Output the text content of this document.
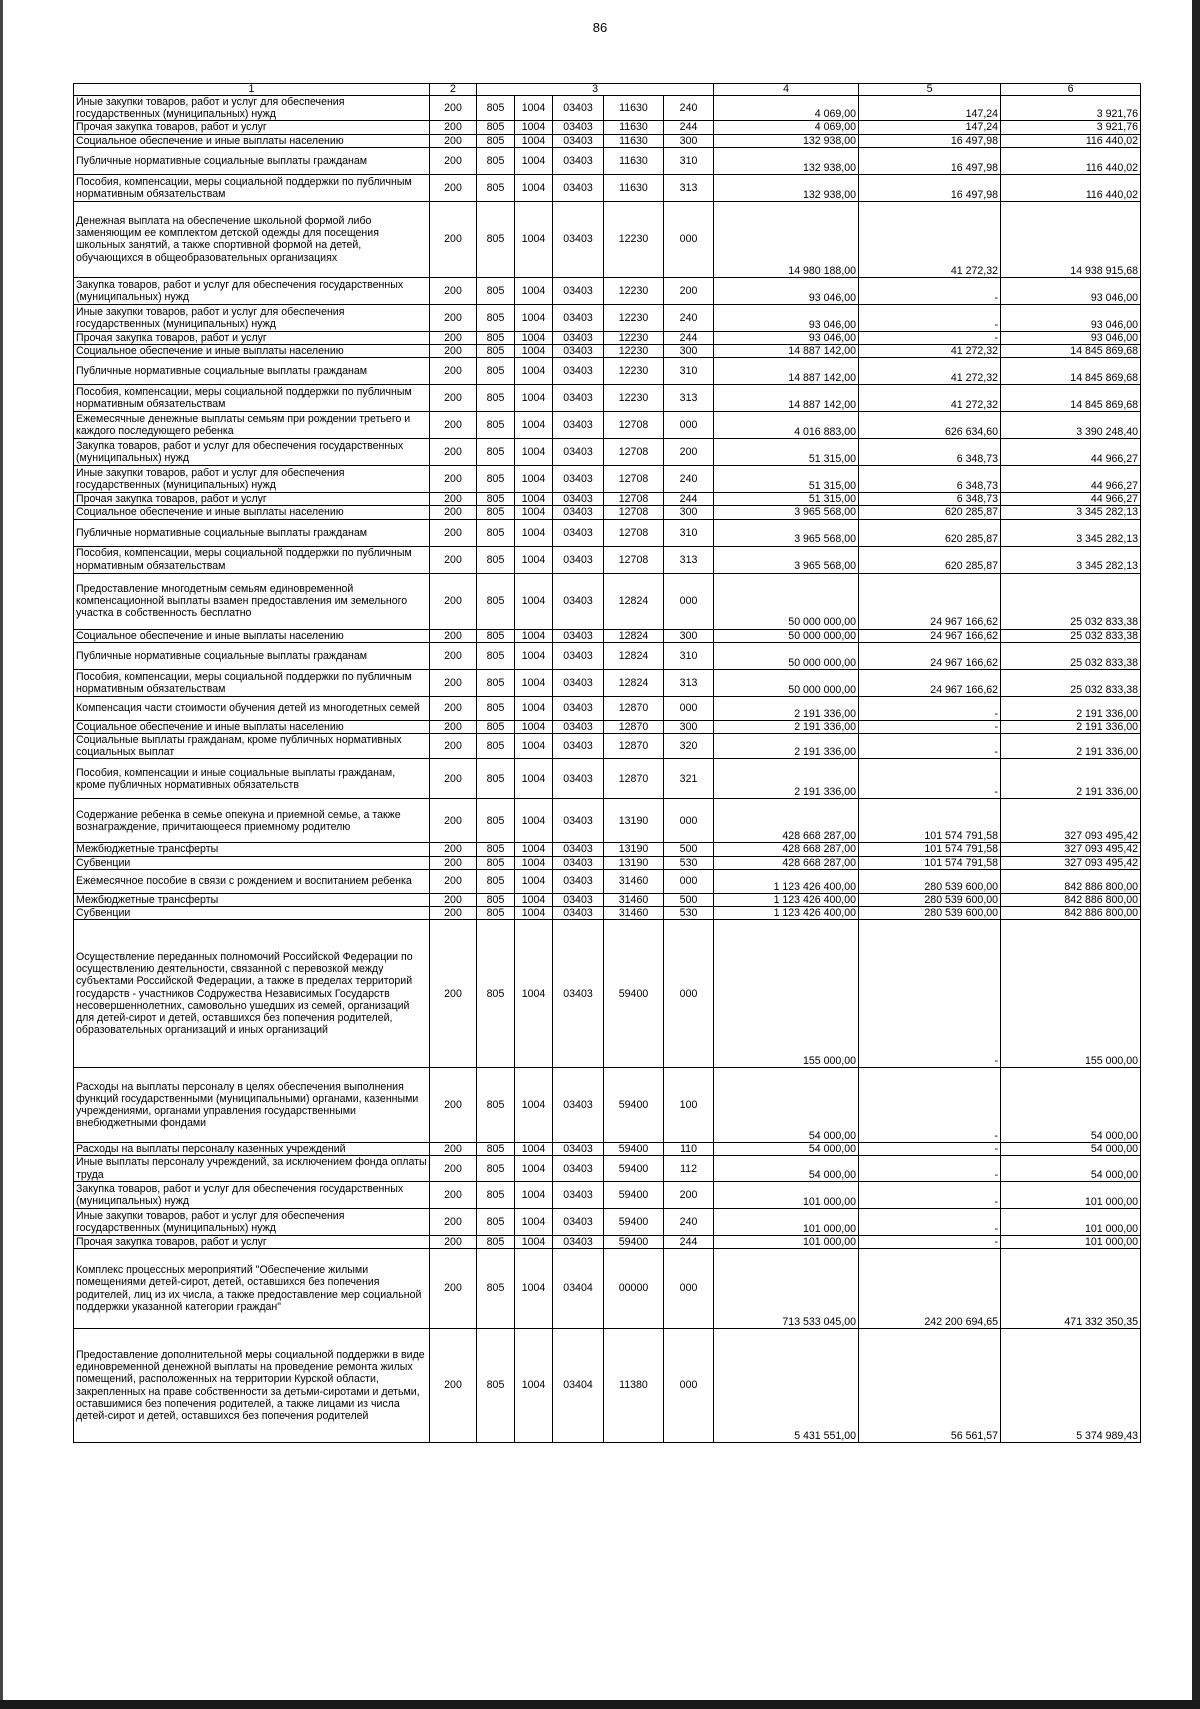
86
1	2	3					4	5	6
Иные закупки товаров, работ и услуг для обеспечения государственных (муниципальных) нужд	200	805	1004	03403	11630	240	4 069,00	147,24	3 921,76
Прочая закупка товаров, работ и услуг	200	805	1004	03403	11630	244	4 069,00	147,24	3 921,76
Социальное обеспечение и иные выплаты населению	200	805	1004	03403	11630	300	132 938,00	16 497,98	116 440,02
Публичные нормативные социальные выплаты гражданам	200	805	1004	03403	11630	310	132 938,00	16 497,98	116 440,02
Пособия, компенсации, меры социальной поддержки по публичным нормативным обязательствам	200	805	1004	03403	11630	313	132 938,00	16 497,98	116 440,02
Денежная выплата на обеспечение школьной формой либо заменяющим ее комплектом детской одежды для посещения школьных занятий, а также спортивной формой на детей, обучающихся в общеобразовательных организациях	200	805	1004	03403	12230	000	14 980 188,00	41 272,32	14 938 915,68
Закупка товаров, работ и услуг для обеспечения государственных (муниципальных) нужд	200	805	1004	03403	12230	200	93 046,00	-	93 046,00
Иные закупки товаров, работ и услуг для обеспечения государственных (муниципальных) нужд	200	805	1004	03403	12230	240	93 046,00	-	93 046,00
Прочая закупка товаров, работ и услуг	200	805	1004	03403	12230	244	93 046,00	-	93 046,00
Социальное обеспечение и иные выплаты населению	200	805	1004	03403	12230	300	14 887 142,00	41 272,32	14 845 869,68
Публичные нормативные социальные выплаты гражданам	200	805	1004	03403	12230	310	14 887 142,00	41 272,32	14 845 869,68
Пособия, компенсации, меры социальной поддержки по публичным нормативным обязательствам	200	805	1004	03403	12230	313	14 887 142,00	41 272,32	14 845 869,68
Ежемесячные денежные выплаты семьям при рождении третьего и каждого последующего ребенка	200	805	1004	03403	12708	000	4 016 883,00	626 634,60	3 390 248,40
Закупка товаров, работ и услуг для обеспечения государственных (муниципальных) нужд	200	805	1004	03403	12708	200	51 315,00	6 348,73	44 966,27
Иные закупки товаров, работ и услуг для обеспечения государственных (муниципальных) нужд	200	805	1004	03403	12708	240	51 315,00	6 348,73	44 966,27
Прочая закупка товаров, работ и услуг	200	805	1004	03403	12708	244	51 315,00	6 348,73	44 966,27
Социальное обеспечение и иные выплаты населению	200	805	1004	03403	12708	300	3 965 568,00	620 285,87	3 345 282,13
Публичные нормативные социальные выплаты гражданам	200	805	1004	03403	12708	310	3 965 568,00	620 285,87	3 345 282,13
Пособия, компенсации, меры социальной поддержки по публичным нормативным обязательствам	200	805	1004	03403	12708	313	3 965 568,00	620 285,87	3 345 282,13
Предоставление многодетным семьям единовременной компенсационной выплаты взамен предоставления им земельного участка в собственность бесплатно	200	805	1004	03403	12824	000	50 000 000,00	24 967 166,62	25 032 833,38
Социальное обеспечение и иные выплаты населению	200	805	1004	03403	12824	300	50 000 000,00	24 967 166,62	25 032 833,38
Публичные нормативные социальные выплаты гражданам	200	805	1004	03403	12824	310	50 000 000,00	24 967 166,62	25 032 833,38
Пособия, компенсации, меры социальной поддержки по публичным нормативным обязательствам	200	805	1004	03403	12824	313	50 000 000,00	24 967 166,62	25 032 833,38
Компенсация части стоимости обучения детей из многодетных семей	200	805	1004	03403	12870	000	2 191 336,00	-	2 191 336,00
Социальное обеспечение и иные выплаты населению	200	805	1004	03403	12870	300	2 191 336,00	-	2 191 336,00
Социальные выплаты гражданам, кроме публичных нормативных социальных выплат	200	805	1004	03403	12870	320	2 191 336,00	-	2 191 336,00
Пособия, компенсации и иные социальные выплаты гражданам, кроме публичных нормативных обязательств	200	805	1004	03403	12870	321	2 191 336,00	-	2 191 336,00
Содержание ребенка в семье опекуна и приемной семье, а также вознаграждение, причитающееся приемному родителю	200	805	1004	03403	13190	000	428 668 287,00	101 574 791,58	327 093 495,42
Межбюджетные трансферты	200	805	1004	03403	13190	500	428 668 287,00	101 574 791,58	327 093 495,42
Субвенции	200	805	1004	03403	13190	530	428 668 287,00	101 574 791,58	327 093 495,42
Ежемесячное пособие в связи с рождением и воспитанием ребенка	200	805	1004	03403	31460	000	1 123 426 400,00	280 539 600,00	842 886 800,00
Межбюджетные трансферты	200	805	1004	03403	31460	500	1 123 426 400,00	280 539 600,00	842 886 800,00
Субвенции	200	805	1004	03403	31460	530	1 123 426 400,00	280 539 600,00	842 886 800,00
Осуществление переданных полномочий Российской Федерации по осуществлению деятельности, связанной с перевозкой между субъектами Российской Федерации, а также в пределах территорий государств - участников Содружества Независимых Государств несовершеннолетних, самовольно ушедших из семей, организаций для детей-сирот и детей, оставшихся без попечения родителей, образовательных организаций и иных организаций	200	805	1004	03403	59400	000	155 000,00	-	155 000,00
Расходы на выплаты персоналу в целях обеспечения выполнения функций государственными (муниципальными) органами, казенными учреждениями, органами управления государственными внебюджетными фондами	200	805	1004	03403	59400	100	54 000,00	-	54 000,00
Расходы на выплаты персоналу казенных учреждений	200	805	1004	03403	59400	110	54 000,00	-	54 000,00
Иные выплаты персоналу учреждений, за исключением фонда оплаты труда	200	805	1004	03403	59400	112	54 000,00	-	54 000,00
Закупка товаров, работ и услуг для обеспечения государственных (муниципальных) нужд	200	805	1004	03403	59400	200	101 000,00	-	101 000,00
Иные закупки товаров, работ и услуг для обеспечения государственных (муниципальных) нужд	200	805	1004	03403	59400	240	101 000,00	-	101 000,00
Прочая закупка товаров, работ и услуг	200	805	1004	03403	59400	244	101 000,00	-	101 000,00
Комплекс процессных мероприятий "Обеспечение жилыми помещениями детей-сирот, детей, оставшихся без попечения родителей, лиц из их числа, а также предоставление мер социальной поддержки указанной категории граждан"	200	805	1004	03404	00000	000	713 533 045,00	242 200 694,65	471 332 350,35
Предоставление дополнительной меры социальной поддержки в виде единовременной денежной выплаты на проведение ремонта жилых помещений, расположенных на территории Курской области, закрепленных на праве собственности за детьми-сиротами и детьми, оставшимися без попечения родителей, а также лицами из числа детей-сирот и детей, оставшихся без попечения родителей	200	805	1004	03404	11380	000	5 431 551,00	56 561,57	5 374 989,43
